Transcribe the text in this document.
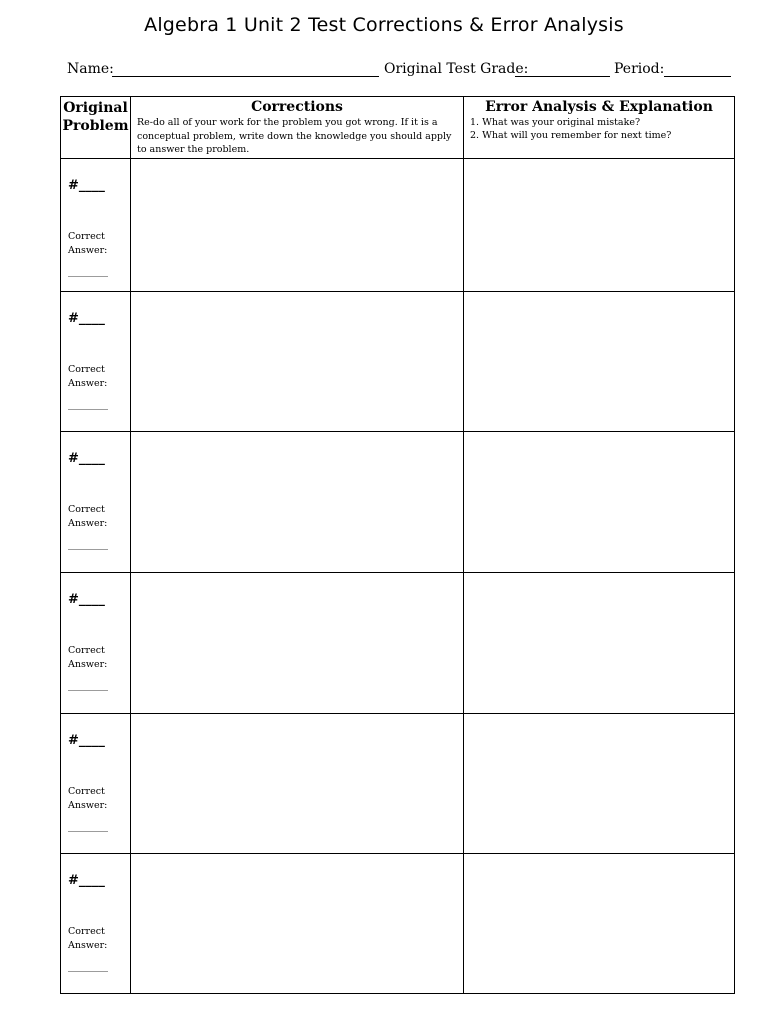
Algebra 1 Unit 2 Test Corrections & Error Analysis
Name:	Original Test Grade:	Period:
Original
Problem
Corrections
Re-do all of your work for the problem you got wrong. If it is a
conceptual problem, write down the knowledge you should apply
to answer the problem.
Error Analysis & Explanation
1. What was your original mistake?
2. What will you remember for next time?
#____
Correct
Answer:
________
#____
Correct
Answer:
________
#____
Correct
Answer:
________
#____
Correct
Answer:
________
#____
Correct
Answer:
________
#____
Correct
Answer:
________
